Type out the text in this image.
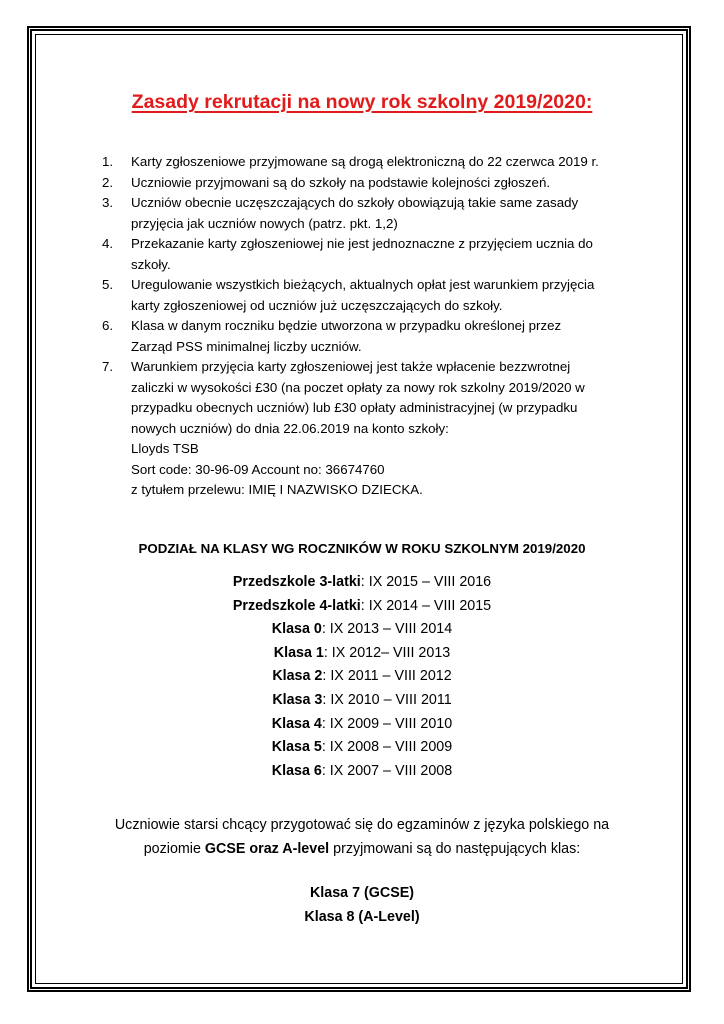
Zasady rekrutacji na nowy rok szkolny 2019/2020:
1. Karty zgłoszeniowe przyjmowane są drogą elektroniczną do 22 czerwca 2019 r.
2. Uczniowie przyjmowani są do szkoły na podstawie kolejności zgłoszeń.
3. Uczniów obecnie uczęszczających do szkoły obowiązują takie same zasady
przyjęcia jak uczniów nowych (patrz. pkt. 1,2)
4. Przekazanie karty zgłoszeniowej nie jest jednoznaczne z przyjęciem ucznia do
szkoły.
5. Uregulowanie wszystkich bieżących, aktualnych opłat jest warunkiem przyjęcia
karty zgłoszeniowej od uczniów już uczęszczających do szkoły.
6. Klasa w danym roczniku będzie utworzona w przypadku określonej przez
Zarząd PSS minimalnej liczby uczniów.
7. Warunkiem przyjęcia karty zgłoszeniowej jest także wpłacenie bezzwrotnej
zaliczki w wysokości £30 (na poczet opłaty za nowy rok szkolny 2019/2020 w
przypadku obecnych uczniów) lub £30 opłaty administracyjnej (w przypadku
nowych uczniów) do dnia 22.06.2019 na konto szkoły:
Lloyds TSB
Sort code: 30-96-09 Account no: 36674760
z tytułem przelewu: IMIĘ I NAZWISKO DZIECKA.
PODZIAŁ NA KLASY WG ROCZNIKÓW W ROKU SZKOLNYM 2019/2020
Przedszkole 3-latki: IX 2015 – VIII 2016
Przedszkole 4-latki: IX 2014 – VIII 2015
Klasa 0: IX 2013 – VIII 2014
Klasa 1: IX 2012– VIII 2013
Klasa 2: IX 2011 – VIII 2012
Klasa 3: IX 2010 – VIII 2011
Klasa 4: IX 2009 – VIII 2010
Klasa 5: IX 2008 – VIII 2009
Klasa 6: IX 2007 – VIII 2008
Uczniowie starsi chcący przygotować się do egzaminów z języka polskiego na
poziomie GCSE oraz A-level przyjmowani są do następujących klas:
Klasa 7 (GCSE)
Klasa 8 (A-Level)
